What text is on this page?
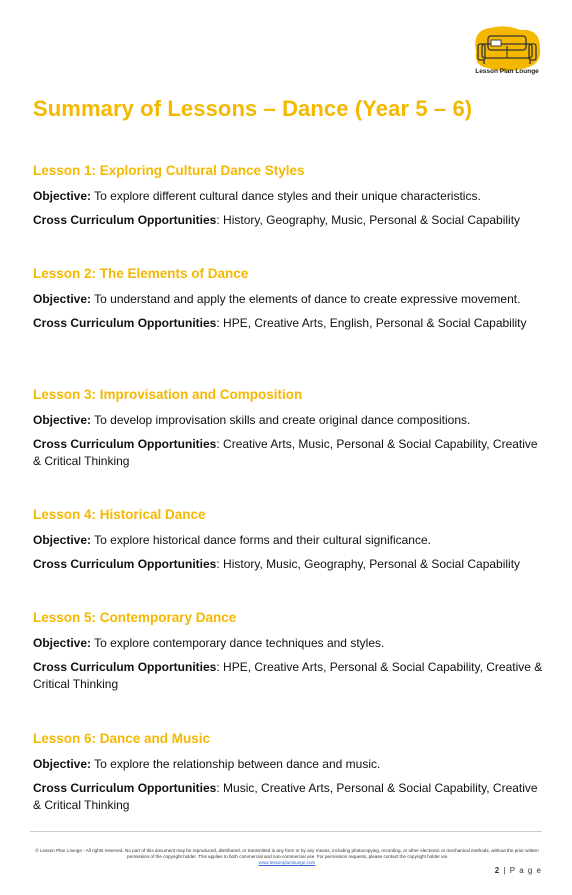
Lesson Plan Lounge
Summary of Lessons – Dance (Year 5 – 6)
Lesson 1: Exploring Cultural Dance Styles

Objective: To explore different cultural dance styles and their unique characteristics.

Cross Curriculum Opportunities: History, Geography, Music, Personal & Social Capability

Lesson 2: The Elements of Dance

Objective: To understand and apply the elements of dance to create expressive movement.

Cross Curriculum Opportunities: HPE, Creative Arts, English, Personal & Social Capability

Lesson 3: Improvisation and Composition

Objective: To develop improvisation skills and create original dance compositions.

Cross Curriculum Opportunities: Creative Arts, Music, Personal & Social Capability, Creative & Critical Thinking

Lesson 4: Historical Dance

Objective: To explore historical dance forms and their cultural significance.

Cross Curriculum Opportunities: History, Music, Geography, Personal & Social Capability

Lesson 5: Contemporary Dance

Objective: To explore contemporary dance techniques and styles.

Cross Curriculum Opportunities: HPE, Creative Arts, Personal & Social Capability, Creative & Critical Thinking

Lesson 6: Dance and Music

Objective: To explore the relationship between dance and music.

Cross Curriculum Opportunities: Music, Creative Arts, Personal & Social Capability, Creative & Critical Thinking

© Lesson Plan Lounge - All rights reserved. No part of this document may be reproduced, distributed, or transmitted in any form or by any means, including photocopying, recording, or other electronic or mechanical methods, without the prior written permission of the copyright holder. This applies to both commercial and non-commercial use. For permission requests, please contact the copyright holder via
www.lessonplanlounge.com
2 | P a g e
